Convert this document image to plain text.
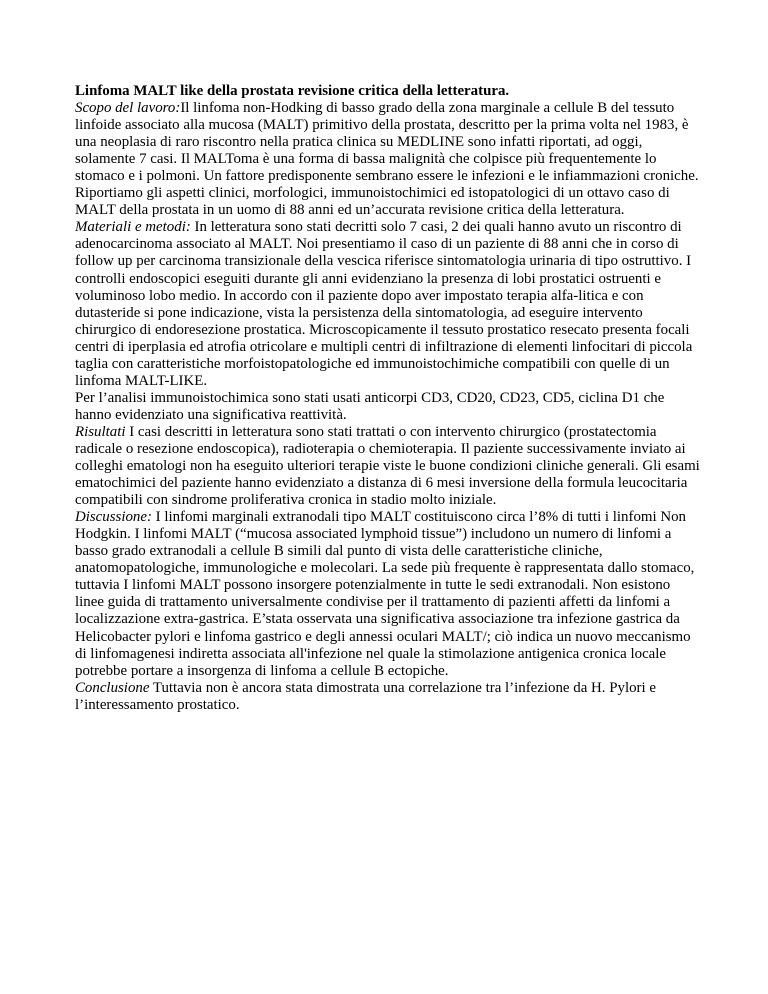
Linfoma MALT like della prostata revisione critica della letteratura.

Scopo del lavoro:Il linfoma non-Hodking di basso grado della zona marginale a cellule B del tessuto linfoide associato alla mucosa (MALT) primitivo della prostata, descritto per la prima volta nel 1983, è una neoplasia di raro riscontro nella pratica clinica su MEDLINE sono infatti riportati, ad oggi, solamente 7 casi. Il MALToma è una forma di bassa malignità che colpisce più frequentemente lo stomaco e i polmoni. Un fattore predisponente sembrano essere le infezioni e le infiammazioni croniche. Riportiamo gli aspetti clinici, morfologici, immunoistochimici ed istopatologici di un ottavo caso di MALT della prostata in un uomo di 88 anni ed un’accurata revisione critica della letteratura.

Materiali e metodi: In letteratura sono stati decritti solo 7 casi, 2 dei quali hanno avuto un riscontro di adenocarcinoma associato al MALT. Noi presentiamo il caso di un paziente di 88 anni che in corso di follow up per carcinoma transizionale della vescica riferisce sintomatologia urinaria di tipo ostruttivo. I controlli endoscopici eseguiti durante gli anni evidenziano la presenza di lobi prostatici ostruenti e voluminoso lobo medio. In accordo con il paziente dopo aver impostato terapia alfa-litica e con dutasteride si pone indicazione, vista la persistenza della sintomatologia, ad eseguire intervento chirurgico di endoresezione prostatica. Microscopicamente il tessuto prostatico resecato presenta focali centri di iperplasia ed atrofia otricolare e multipli centri di infiltrazione di elementi linfocitari di piccola taglia con caratteristiche morfoistopatologiche ed immunoistochimiche compatibili con quelle di un linfoma MALT-LIKE.

Per l’analisi immunoistochimica sono stati usati anticorpi CD3, CD20, CD23, CD5, ciclina D1 che hanno evidenziato una significativa reattività.

Risultati I casi descritti in letteratura sono stati trattati o con intervento chirurgico (prostatectomia radicale o resezione endoscopica), radioterapia o chemioterapia. Il paziente successivamente inviato ai colleghi ematologi non ha eseguito ulteriori terapie viste le buone condizioni cliniche generali. Gli esami ematochimici del paziente hanno evidenziato a distanza di 6 mesi inversione della formula leucocitaria compatibili con sindrome proliferativa cronica in stadio molto iniziale.

Discussione: I linfomi marginali extranodali tipo MALT costituiscono circa l’8% di tutti i linfomi Non Hodgkin. I linfomi MALT (“mucosa associated lymphoid tissue”) includono un numero di linfomi a basso grado extranodali a cellule B simili dal punto di vista delle caratteristiche cliniche, anatomopatologiche, immunologiche e molecolari. La sede più frequente è rappresentata dallo stomaco, tuttavia I linfomi MALT possono insorgere potenzialmente in tutte le sedi extranodali. Non esistono linee guida di trattamento universalmente condivise per il trattamento di pazienti affetti da linfomi a localizzazione extra-gastrica. E’stata osservata una significativa associazione tra infezione gastrica da Helicobacter pylori e linfoma gastrico e degli annessi oculari MALT/; ciò indica un nuovo meccanismo di linfomagenesi indiretta associata all'infezione nel quale la stimolazione antigenica cronica locale potrebbe portare a insorgenza di linfoma a cellule B ectopiche.

Conclusione Tuttavia non è ancora stata dimostrata una correlazione tra l’infezione da H. Pylori e l’interessamento prostatico.
